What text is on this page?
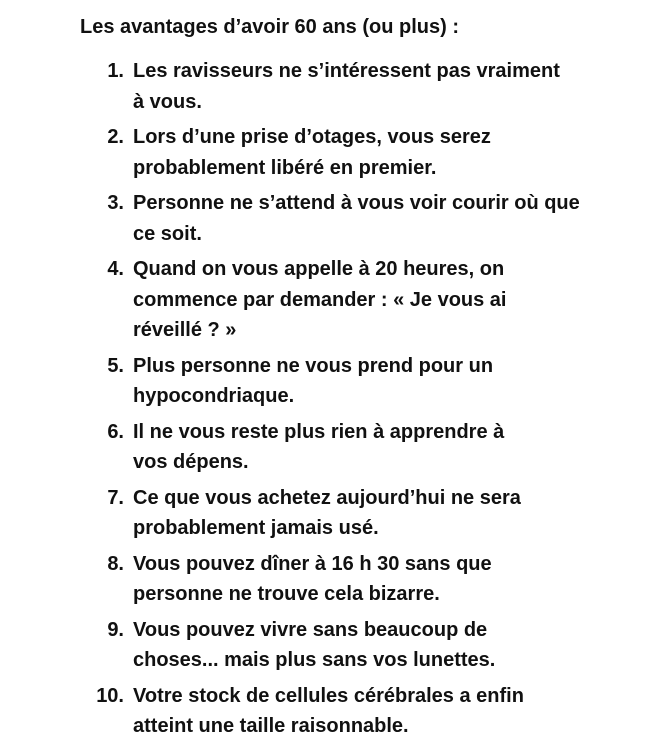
Les avantages d’avoir 60 ans (ou plus) :
1. Les ravisseurs ne s’intéressent pas vraiment
à vous.
2. Lors d’une prise d’otages, vous serez
probablement libéré en premier.
3. Personne ne s’attend à vous voir courir où que
ce soit.
4. Quand on vous appelle à 20 heures, on
commence par demander : « Je vous ai
réveillé ? »
5. Plus personne ne vous prend pour un
hypocondriaque.
6. Il ne vous reste plus rien à apprendre à
vos dépens.
7. Ce que vous achetez aujourd’hui ne sera
probablement jamais usé.
8. Vous pouvez dîner à 16 h 30 sans que
personne ne trouve cela bizarre.
9. Vous pouvez vivre sans beaucoup de
choses... mais plus sans vos lunettes.
10. Votre stock de cellules cérébrales a enfin
atteint une taille raisonnable.
